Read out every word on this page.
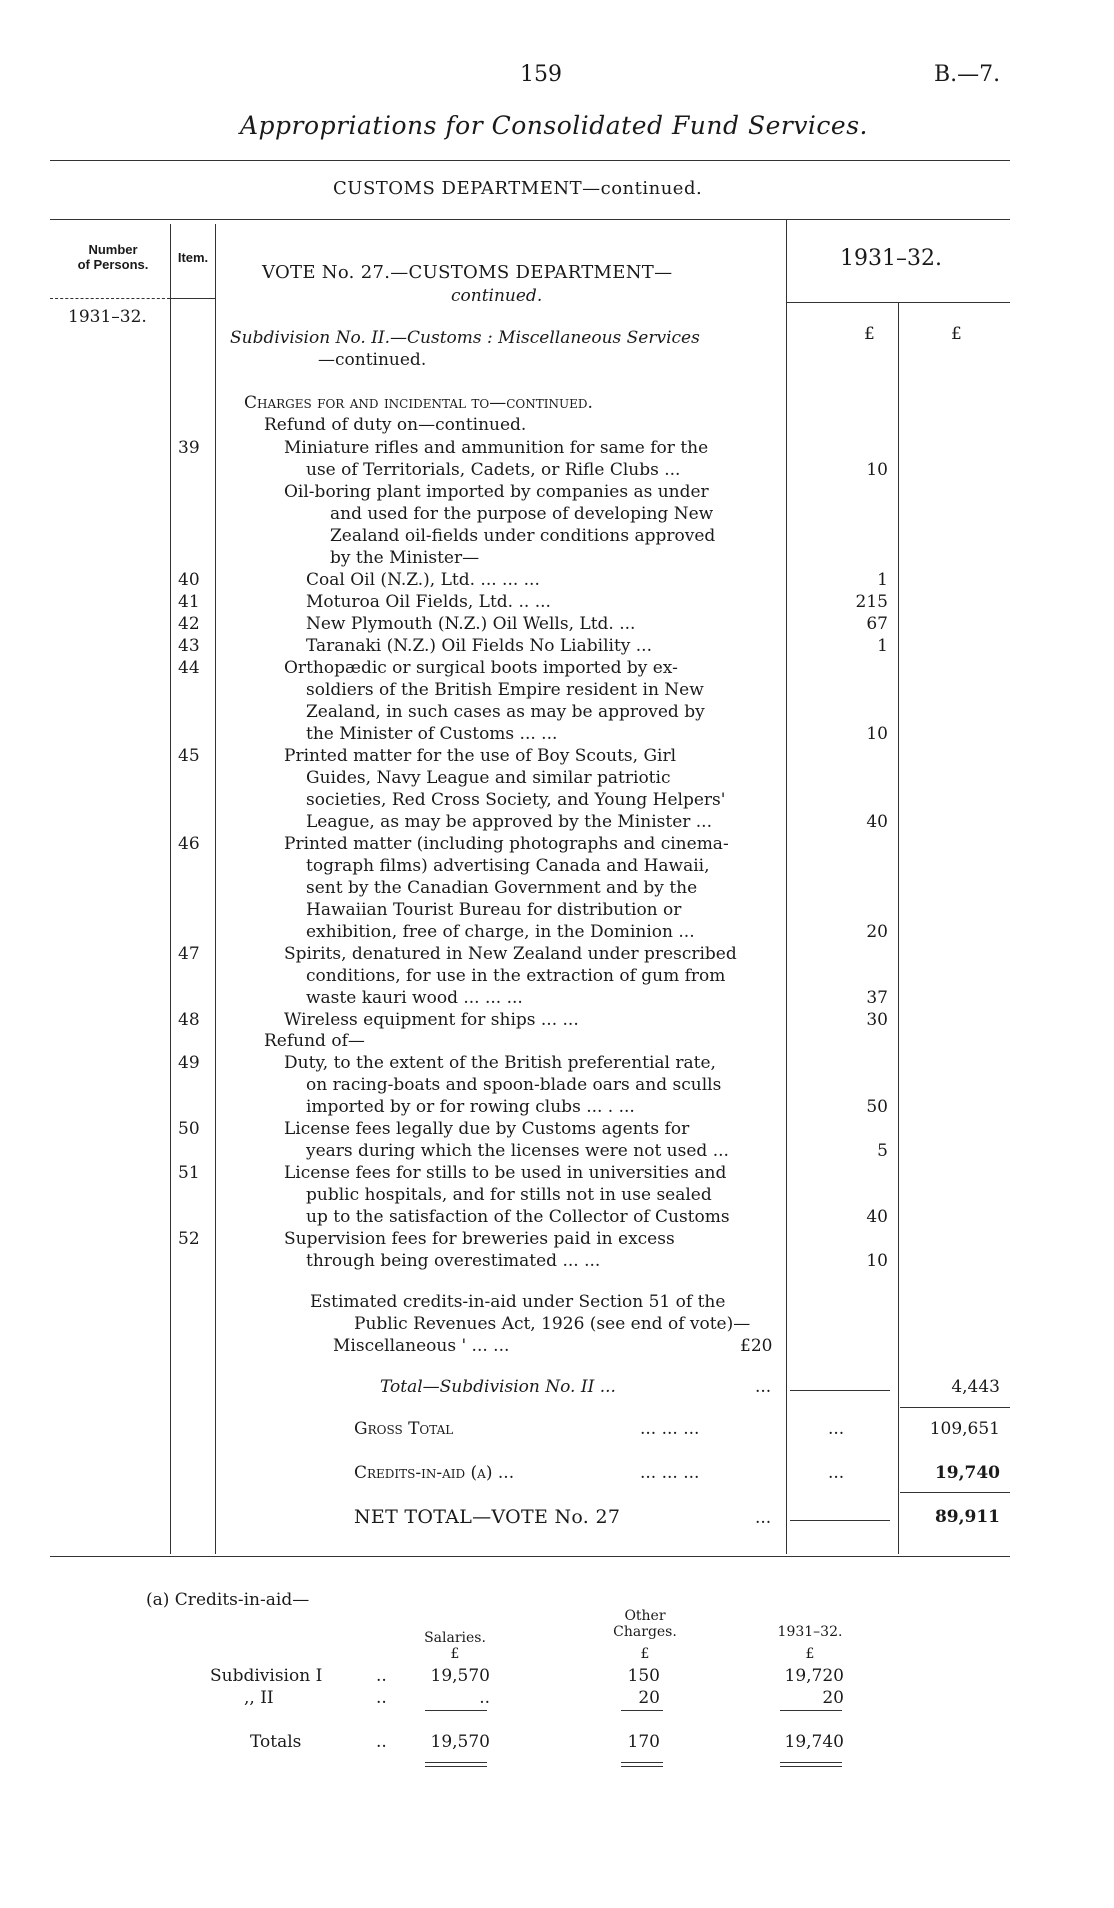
159	B.—7.
Appropriations for Consolidated Fund Services.
CUSTOMS DEPARTMENT—continued.
Number
of Persons.	Item.
VOTE No. 27.—CUSTOMS DEPARTMENT—
continued.
1931–32.
1931–32.
£	£
Subdivision No. II.—Customs : Miscellaneous Services
—continued.
Charges for and incidental to—continued.
Refund of duty on—continued.
Refund of—
39	Miniature rifles and ammunition for same for the
use of Territorials, Cadets, or Rifle Clubs ...	10
Oil-boring plant imported by companies as under
and used for the purpose of developing New
Zealand oil-fields under conditions approved
by the Minister—
40	Coal Oil (N.Z.), Ltd. ... ... ...	1
41	Moturoa Oil Fields, Ltd. .. ...	215
42	New Plymouth (N.Z.) Oil Wells, Ltd. ...	67
43	Taranaki (N.Z.) Oil Fields No Liability ...	1
44	Orthopædic or surgical boots imported by ex-
soldiers of the British Empire resident in New
Zealand, in such cases as may be approved by
the Minister of Customs ... ...	10
45	Printed matter for the use of Boy Scouts, Girl
Guides, Navy League and similar patriotic
societies, Red Cross Society, and Young Helpers'
League, as may be approved by the Minister ...	40
46	Printed matter (including photographs and cinema-
tograph films) advertising Canada and Hawaii,
sent by the Canadian Government and by the
Hawaiian Tourist Bureau for distribution or
exhibition, free of charge, in the Dominion ...	20
47	Spirits, denatured in New Zealand under prescribed
conditions, for use in the extraction of gum from
waste kauri wood ... ... ...	37
48	Wireless equipment for ships ... ...	30
49	Duty, to the extent of the British preferential rate,
on racing-boats and spoon-blade oars and sculls
imported by or for rowing clubs ... . ...	50
50	License fees legally due by Customs agents for
years during which the licenses were not used ...	5
51	License fees for stills to be used in universities and
public hospitals, and for stills not in use sealed
up to the satisfaction of the Collector of Customs	40
52	Supervision fees for breweries paid in excess
through being overestimated ... ...	10
Estimated credits-in-aid under Section 51 of the
Public Revenues Act, 1926 (see end of vote)—
Miscellaneous ' ... ...	£20
Total—Subdivision No. II ...	...	4,443
Gross Total	... ... ...	...	109,651
Credits-in-aid (a) ...	... ... ...	...	19,740
NET TOTAL—VOTE No. 27	...	89,911
(a) Credits-in-aid—
Salaries.
Other
Charges.	1931–32.
£	£	£
Subdivision I	..	19,570	150	19,720
,, II	..	..	20	20
Totals	..	19,570	170	19,740
